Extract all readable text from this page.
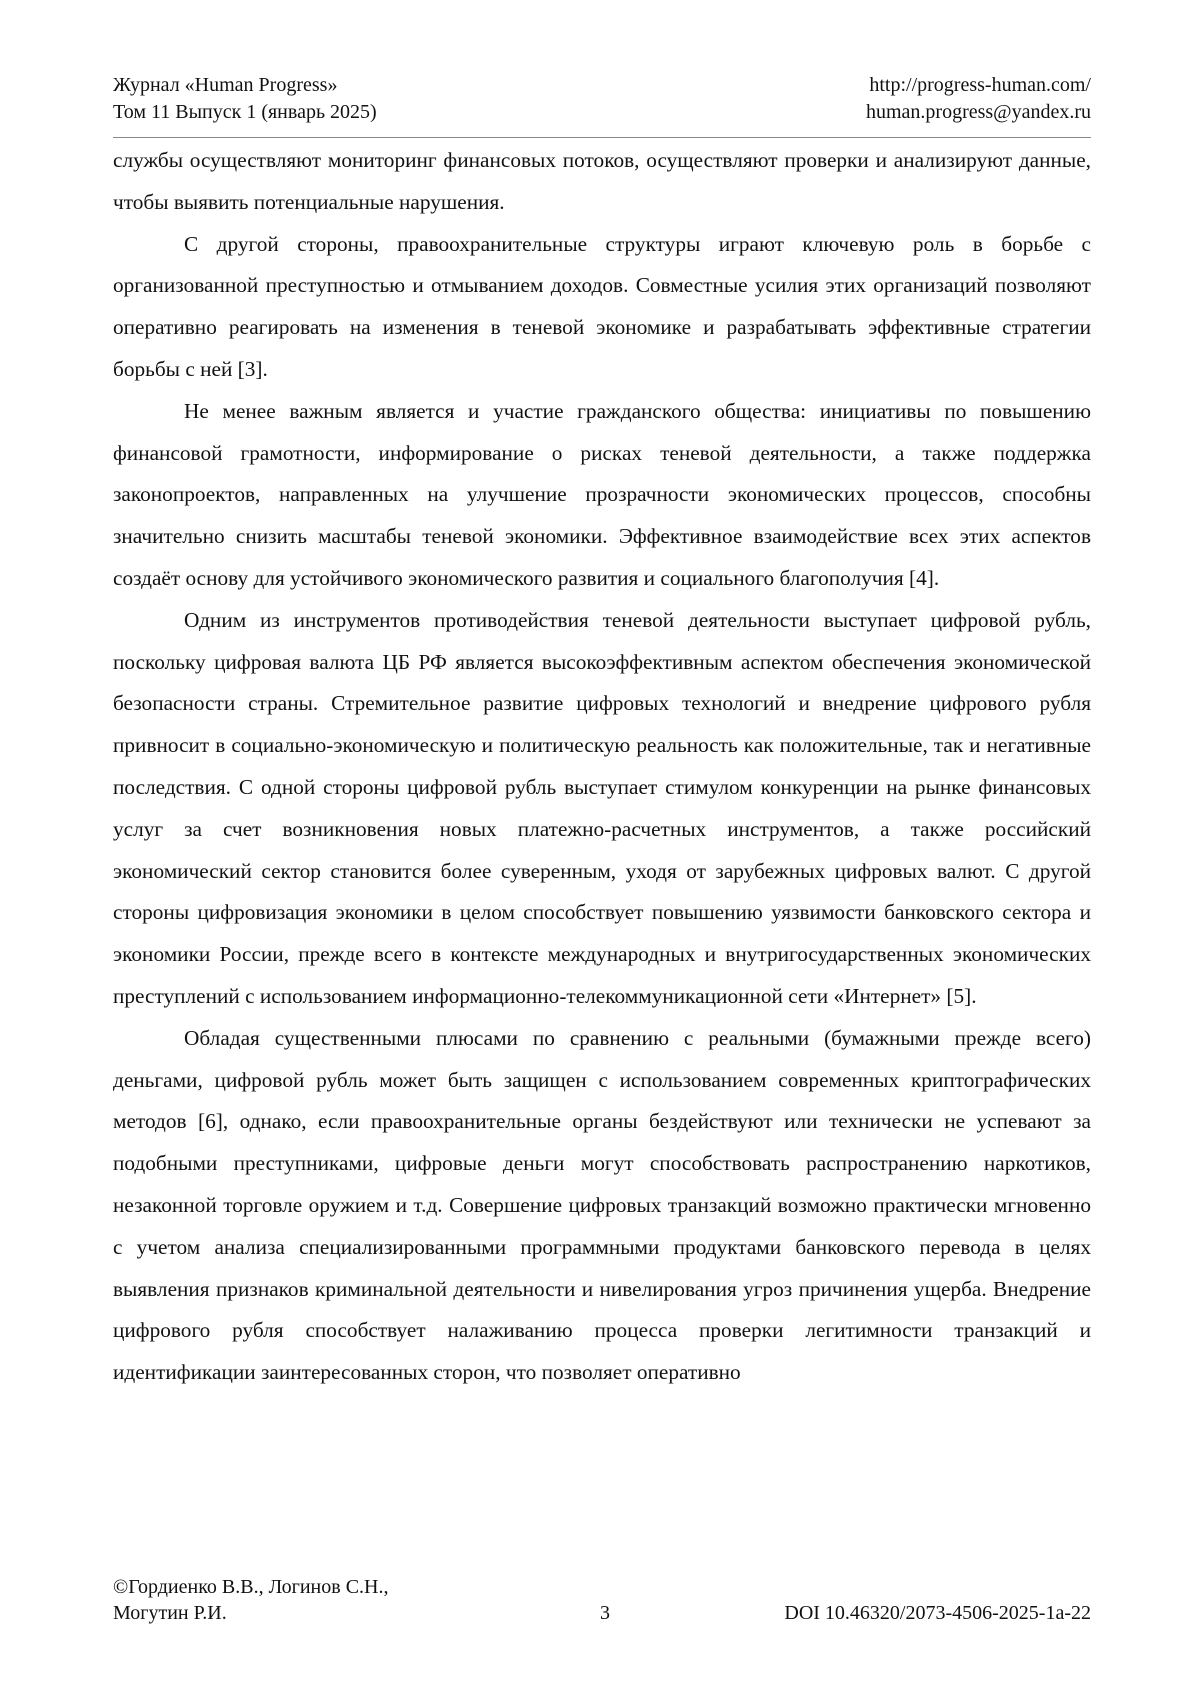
Журнал «Human Progress»
Том 11 Выпуск 1 (январь 2025)
http://progress-human.com/
human.progress@yandex.ru

службы осуществляют мониторинг финансовых потоков, осуществляют проверки и анализируют данные, чтобы выявить потенциальные нарушения.

С другой стороны, правоохранительные структуры играют ключевую роль в борьбе с организованной преступностью и отмыванием доходов. Совместные усилия этих организаций позволяют оперативно реагировать на изменения в теневой экономике и разрабатывать эффективные стратегии борьбы с ней [3].

Не менее важным является и участие гражданского общества: инициативы по повышению финансовой грамотности, информирование о рисках теневой деятельности, а также поддержка законопроектов, направленных на улучшение прозрачности экономических процессов, способны значительно снизить масштабы теневой экономики. Эффективное взаимодействие всех этих аспектов создаёт основу для устойчивого экономического развития и социального благополучия [4].

Одним из инструментов противодействия теневой деятельности выступает цифровой рубль, поскольку цифровая валюта ЦБ РФ является высокоэффективным аспектом обеспечения экономической безопасности страны. Стремительное развитие цифровых технологий и внедрение цифрового рубля привносит в социально-экономическую и политическую реальность как положительные, так и негативные последствия. С одной стороны цифровой рубль выступает стимулом конкуренции на рынке финансовых услуг за счет возникновения новых платежно-расчетных инструментов, а также российский экономический сектор становится более суверенным, уходя от зарубежных цифровых валют. С другой стороны цифровизация экономики в целом способствует повышению уязвимости банковского сектора и экономики России, прежде всего в контексте международных и внутригосударственных экономических преступлений с использованием информационно-телекоммуникационной сети «Интернет» [5].

Обладая существенными плюсами по сравнению с реальными (бумажными прежде всего) деньгами, цифровой рубль может быть защищен с использованием современных криптографических методов [6], однако, если правоохранительные органы бездействуют или технически не успевают за подобными преступниками, цифровые деньги могут способствовать распространению наркотиков, незаконной торговле оружием и т.д. Совершение цифровых транзакций возможно практически мгновенно с учетом анализа специализированными программными продуктами банковского перевода в целях выявления признаков криминальной деятельности и нивелирования угроз причинения ущерба. Внедрение цифрового рубля способствует налаживанию процесса проверки легитимности транзакций и идентификации заинтересованных сторон, что позволяет оперативно

©Гордиенко В.В., Логинов С.Н.,
Могутин Р.И.	3	DOI 10.46320/2073-4506-2025-1a-22
